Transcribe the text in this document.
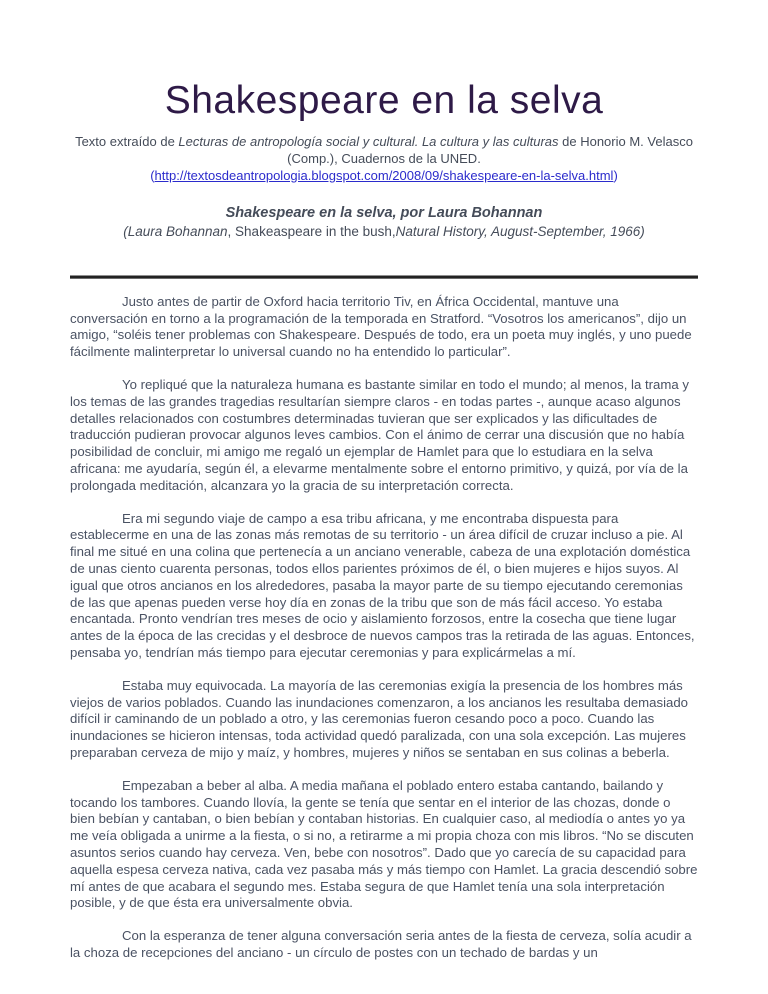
Shakespeare en la selva
Texto extraído de Lecturas de antropología social y cultural. La cultura y las culturas de Honorio M. Velasco (Comp.), Cuadernos de la UNED.
(http://textosdeantropologia.blogspot.com/2008/09/shakespeare-en-la-selva.html)

Shakespeare en la selva, por Laura Bohannan

(Laura Bohannan, Shakeaspeare in the bush,Natural History, August-September, 1966)

Justo antes de partir de Oxford hacia territorio Tiv, en África Occidental, mantuve una conversación en torno a la programación de la temporada en Stratford. “Vosotros los americanos”, dijo un amigo, “soléis tener problemas con Shakespeare. Después de todo, era un poeta muy inglés, y uno puede fácilmente malinterpretar lo universal cuando no ha entendido lo particular”.

Yo repliqué que la naturaleza humana es bastante similar en todo el mundo; al menos, la trama y los temas de las grandes tragedias resultarían siempre claros - en todas partes -, aunque acaso algunos detalles relacionados con costumbres determinadas tuvieran que ser explicados y las dificultades de traducción pudieran provocar algunos leves cambios. Con el ánimo de cerrar una discusión que no había posibilidad de concluir, mi amigo me regaló un ejemplar de Hamlet para que lo estudiara en la selva africana: me ayudaría, según él, a elevarme mentalmente sobre el entorno primitivo, y quizá, por vía de la prolongada meditación, alcanzara yo la gracia de su interpretación correcta.

Era mi segundo viaje de campo a esa tribu africana, y me encontraba dispuesta para establecerme en una de las zonas más remotas de su territorio - un área difícil de cruzar incluso a pie. Al final me situé en una colina que pertenecía a un anciano venerable, cabeza de una explotación doméstica de unas ciento cuarenta personas, todos ellos parientes próximos de él, o bien mujeres e hijos suyos. Al igual que otros ancianos en los alrededores, pasaba la mayor parte de su tiempo ejecutando ceremonias de las que apenas pueden verse hoy día en zonas de la tribu que son de más fácil acceso. Yo estaba encantada. Pronto vendrían tres meses de ocio y aislamiento forzosos, entre la cosecha que tiene lugar antes de la época de las crecidas y el desbroce de nuevos campos tras la retirada de las aguas. Entonces, pensaba yo, tendrían más tiempo para ejecutar ceremonias y para explicármelas a mí.

Estaba muy equivocada. La mayoría de las ceremonias exigía la presencia de los hombres más viejos de varios poblados. Cuando las inundaciones comenzaron, a los ancianos les resultaba demasiado difícil ir caminando de un poblado a otro, y las ceremonias fueron cesando poco a poco. Cuando las inundaciones se hicieron intensas, toda actividad quedó paralizada, con una sola excepción. Las mujeres preparaban cerveza de mijo y maíz, y hombres, mujeres y niños se sentaban en sus colinas a beberla.

Empezaban a beber al alba. A media mañana el poblado entero estaba cantando, bailando y tocando los tambores. Cuando llovía, la gente se tenía que sentar en el interior de las chozas, donde o bien bebían y cantaban, o bien bebían y contaban historias. En cualquier caso, al mediodía o antes yo ya me veía obligada a unirme a la fiesta, o si no, a retirarme a mi propia choza con mis libros. “No se discuten asuntos serios cuando hay cerveza. Ven, bebe con nosotros”. Dado que yo carecía de su capacidad para aquella espesa cerveza nativa, cada vez pasaba más y más tiempo con Hamlet. La gracia descendió sobre mí antes de que acabara el segundo mes. Estaba segura de que Hamlet tenía una sola interpretación posible, y de que ésta era universalmente obvia.

Con la esperanza de tener alguna conversación seria antes de la fiesta de cerveza, solía acudir a la choza de recepciones del anciano - un círculo de postes con un techado de bardas y un
